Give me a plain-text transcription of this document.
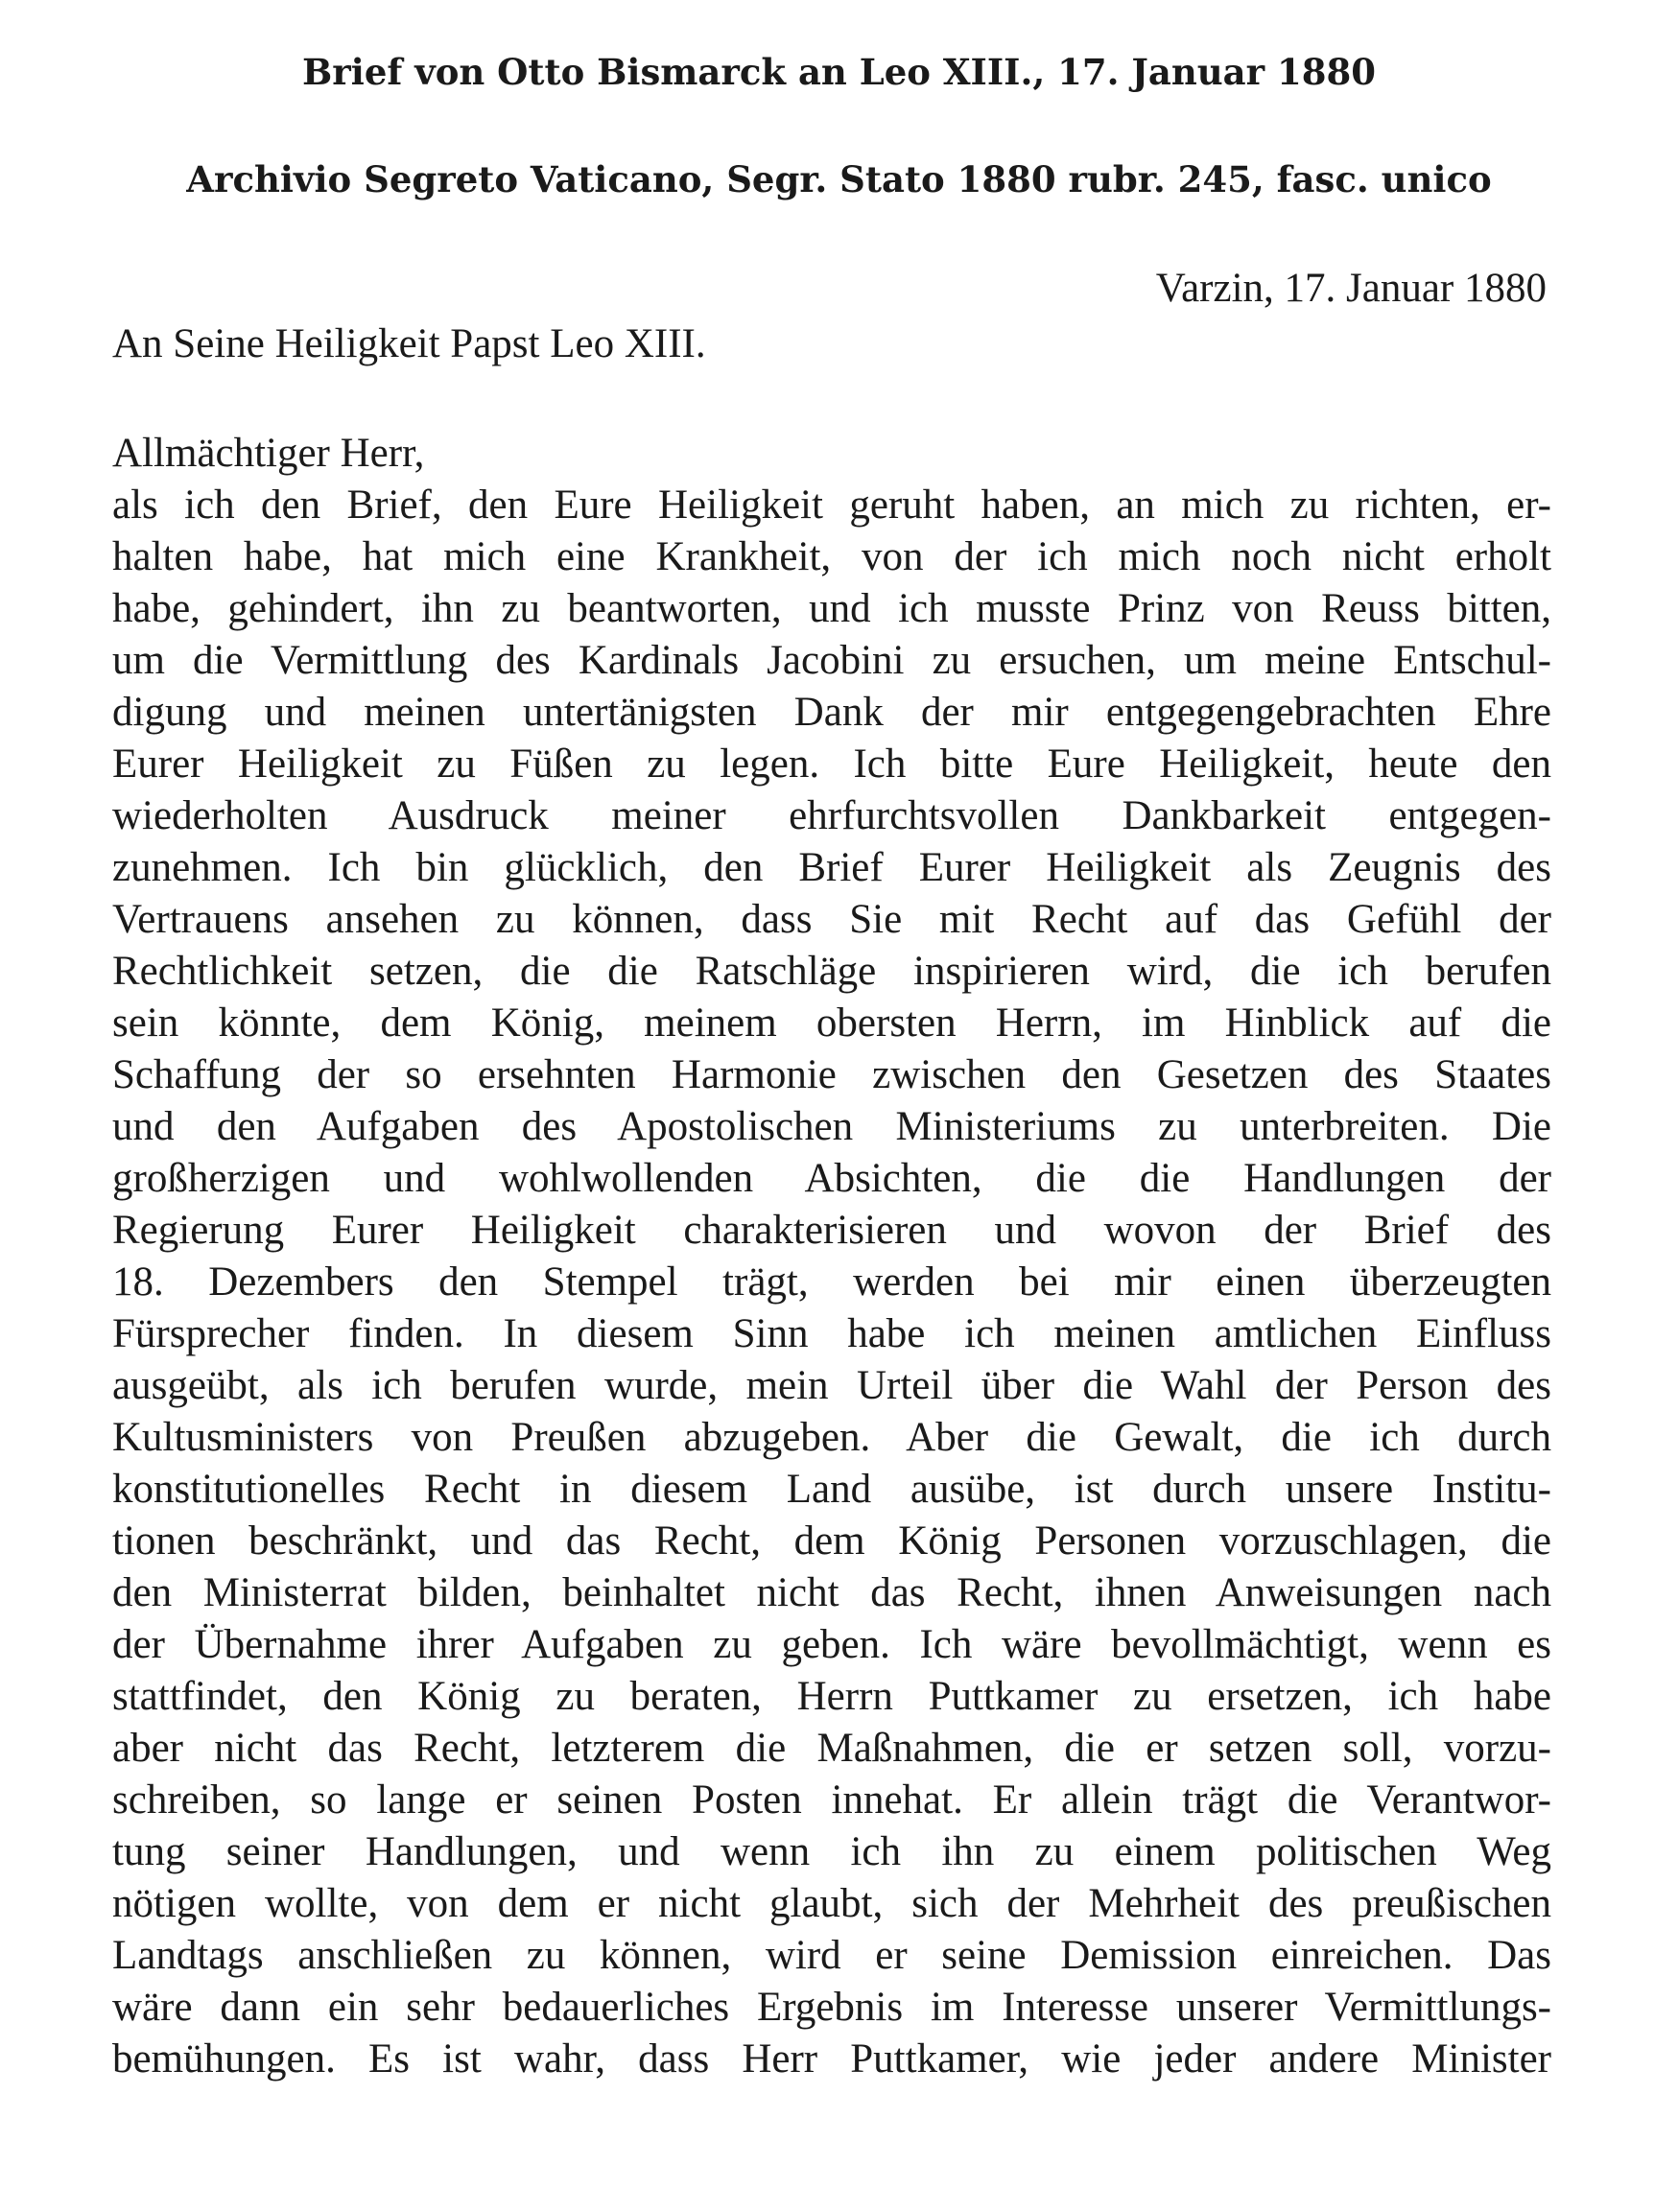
Brief von Otto Bismarck an Leo XIII., 17. Januar 1880
Archivio Segreto Vaticano, Segr. Stato 1880 rubr. 245, fasc. unico
Varzin, 17. Januar 1880
An Seine Heiligkeit Papst Leo XIII.
Allmächtiger Herr,
als ich den Brief, den Eure Heiligkeit geruht haben, an mich zu richten, er-
halten habe, hat mich eine Krankheit, von der ich mich noch nicht erholt
habe, gehindert, ihn zu beantworten, und ich musste Prinz von Reuss bitten,
um die Vermittlung des Kardinals Jacobini zu ersuchen, um meine Entschul-
digung und meinen untertänigsten Dank der mir entgegengebrachten Ehre
Eurer Heiligkeit zu Füßen zu legen. Ich bitte Eure Heiligkeit, heute den
wiederholten Ausdruck meiner ehrfurchtsvollen Dankbarkeit entgegen-
zunehmen. Ich bin glücklich, den Brief Eurer Heiligkeit als Zeugnis des
Vertrauens ansehen zu können, dass Sie mit Recht auf das Gefühl der
Rechtlichkeit setzen, die die Ratschläge inspirieren wird, die ich berufen
sein könnte, dem König, meinem obersten Herrn, im Hinblick auf die
Schaffung der so ersehnten Harmonie zwischen den Gesetzen des Staates
und den Aufgaben des Apostolischen Ministeriums zu unterbreiten. Die
großherzigen und wohlwollenden Absichten, die die Handlungen der
Regierung Eurer Heiligkeit charakterisieren und wovon der Brief des
18. Dezembers den Stempel trägt, werden bei mir einen überzeugten
Fürsprecher finden. In diesem Sinn habe ich meinen amtlichen Einfluss
ausgeübt, als ich berufen wurde, mein Urteil über die Wahl der Person des
Kultusministers von Preußen abzugeben. Aber die Gewalt, die ich durch
konstitutionelles Recht in diesem Land ausübe, ist durch unsere Institu-
tionen beschränkt, und das Recht, dem König Personen vorzuschlagen, die
den Ministerrat bilden, beinhaltet nicht das Recht, ihnen Anweisungen nach
der Übernahme ihrer Aufgaben zu geben. Ich wäre bevollmächtigt, wenn es
stattfindet, den König zu beraten, Herrn Puttkamer zu ersetzen, ich habe
aber nicht das Recht, letzterem die Maßnahmen, die er setzen soll, vorzu-
schreiben, so lange er seinen Posten innehat. Er allein trägt die Verantwor-
tung seiner Handlungen, und wenn ich ihn zu einem politischen Weg
nötigen wollte, von dem er nicht glaubt, sich der Mehrheit des preußischen
Landtags anschließen zu können, wird er seine Demission einreichen. Das
wäre dann ein sehr bedauerliches Ergebnis im Interesse unserer Vermittlungs-
bemühungen. Es ist wahr, dass Herr Puttkamer, wie jeder andere Minister
